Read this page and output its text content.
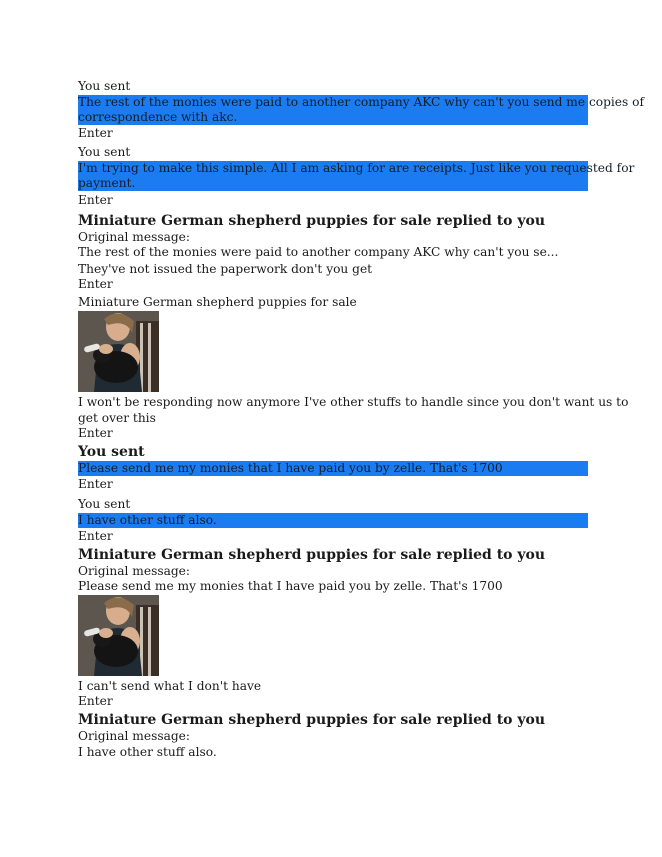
You sent
The rest of the monies were paid to another company AKC why can't you send me copies of
correspondence with akc.
Enter
You sent
I'm trying to make this simple. All I am asking for are receipts. Just like you requested for
payment.
Enter
Miniature German shepherd puppies for sale replied to you
Original message:
The rest of the monies were paid to another company AKC why can't you se...
They've not issued the paperwork don't you get
Enter
Miniature German shepherd puppies for sale
I won't be responding now anymore I've other stuffs to handle since you don't want us to
get over this
Enter
You sent
Please send me my monies that I have paid you by zelle. That's 1700
Enter
You sent
I have other stuff also.
Enter
Miniature German shepherd puppies for sale replied to you
Original message:
Please send me my monies that I have paid you by zelle. That's 1700
I can't send what I don't have
Enter
Miniature German shepherd puppies for sale replied to you
Original message:
I have other stuff also.
